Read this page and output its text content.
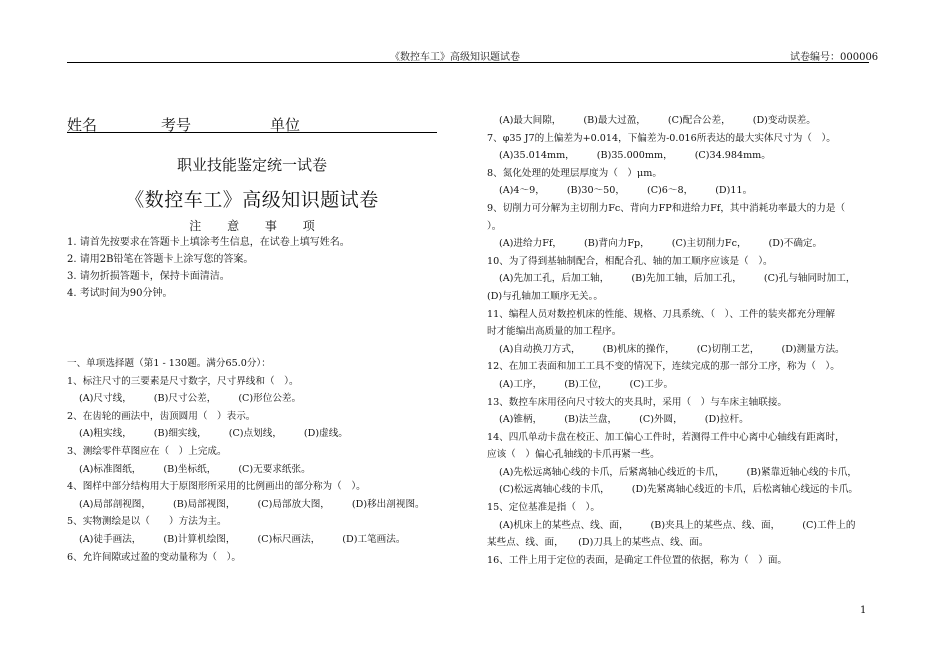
《数控车工》高级知识题试卷	试卷编号：000006
姓名	考号	单位
职业技能鉴定统一试卷
《数控车工》高级知识题试卷
注 意 事 项
1. 请首先按要求在答题卡上填涂考生信息，在试卷上填写姓名。
2. 请用2B铅笔在答题卡上涂写您的答案。
3. 请勿折损答题卡，保持卡面清洁。
4. 考试时间为90分钟。
一、单项选择题（第1 - 130题。满分65.0分）：
1、标注尺寸的三要素是尺寸数字，尺寸界线和（　）。
(A)尺寸线， (B)尺寸公差， (C)形位公差。
2、在齿轮的画法中，齿顶圆用（　）表示。
(A)粗实线， (B)细实线， (C)点划线， (D)虚线。
3、测绘零件草图应在（　）上完成。
(A)标准图纸， (B)坐标纸， (C)无要求纸张。
4、图样中部分结构用大于原图形所采用的比例画出的部分称为（　）。
(A)局部剖视图， (B)局部视图， (C)局部放大图， (D)移出剖视图。
5、实物测绘是以（　　）方法为主。
(A)徒手画法， (B)计算机绘图， (C)标尺画法， (D)工笔画法。
6、允许间隙或过盈的变动量称为（　）。
(A)最大间隙， (B)最大过盈， (C)配合公差， (D)变动误差。
7、φ35 J7的上偏差为+0.014，下偏差为-0.016所表达的最大实体尺寸为（　）。
(A)35.014mm， (B)35.000mm， (C)34.984mm。
8、氮化处理的处理层厚度为（　）μm。
(A)4～9， (B)30～50， (C)6～8， (D)11。
9、切削力可分解为主切削力Fc、背向力FP和进给力Ff，其中消耗功率最大的力是（
）。
(A)进给力Ff， (B)背向力Fp， (C)主切削力Fc， (D)不确定。
10、为了得到基轴制配合，相配合孔、轴的加工顺序应该是（　）。
(A)先加工孔，后加工轴， (B)先加工轴，后加工孔， (C)孔与轴同时加工，
(D)与孔轴加工顺序无关。。
11、编程人员对数控机床的性能、规格、刀具系统、（　）、工件的装夹都充分理解
时才能编出高质量的加工程序。
(A)自动换刀方式， (B)机床的操作， (C)切削工艺， (D)测量方法。
12、在加工表面和加工工具不变的情况下，连续完成的那一部分工序，称为（　）。
(A)工序， (B)工位， (C)工步。
13、数控车床用径向尺寸较大的夹具时，采用（　）与车床主轴联接。
(A)锥柄， (B)法兰盘， (C)外圆， (D)拉杆。
14、四爪单动卡盘在校正、加工偏心工件时，若测得工件中心离中心轴线有距离时，
应该（　）偏心孔轴线的卡爪再紧一些。
(A)先松远离轴心线的卡爪，后紧离轴心线近的卡爪， (B)紧靠近轴心线的卡爪，
(C)松远离轴心线的卡爪， (D)先紧离轴心线近的卡爪，后松离轴心线远的卡爪。
15、定位基准是指（　）。
(A)机床上的某些点、线、面， (B)夹具上的某些点、线、面， (C)工件上的
某些点、线、面，　　(D)刀具上的某些点、线、面。
16、工件上用于定位的表面，是确定工件位置的依据，称为（　）面。
1
